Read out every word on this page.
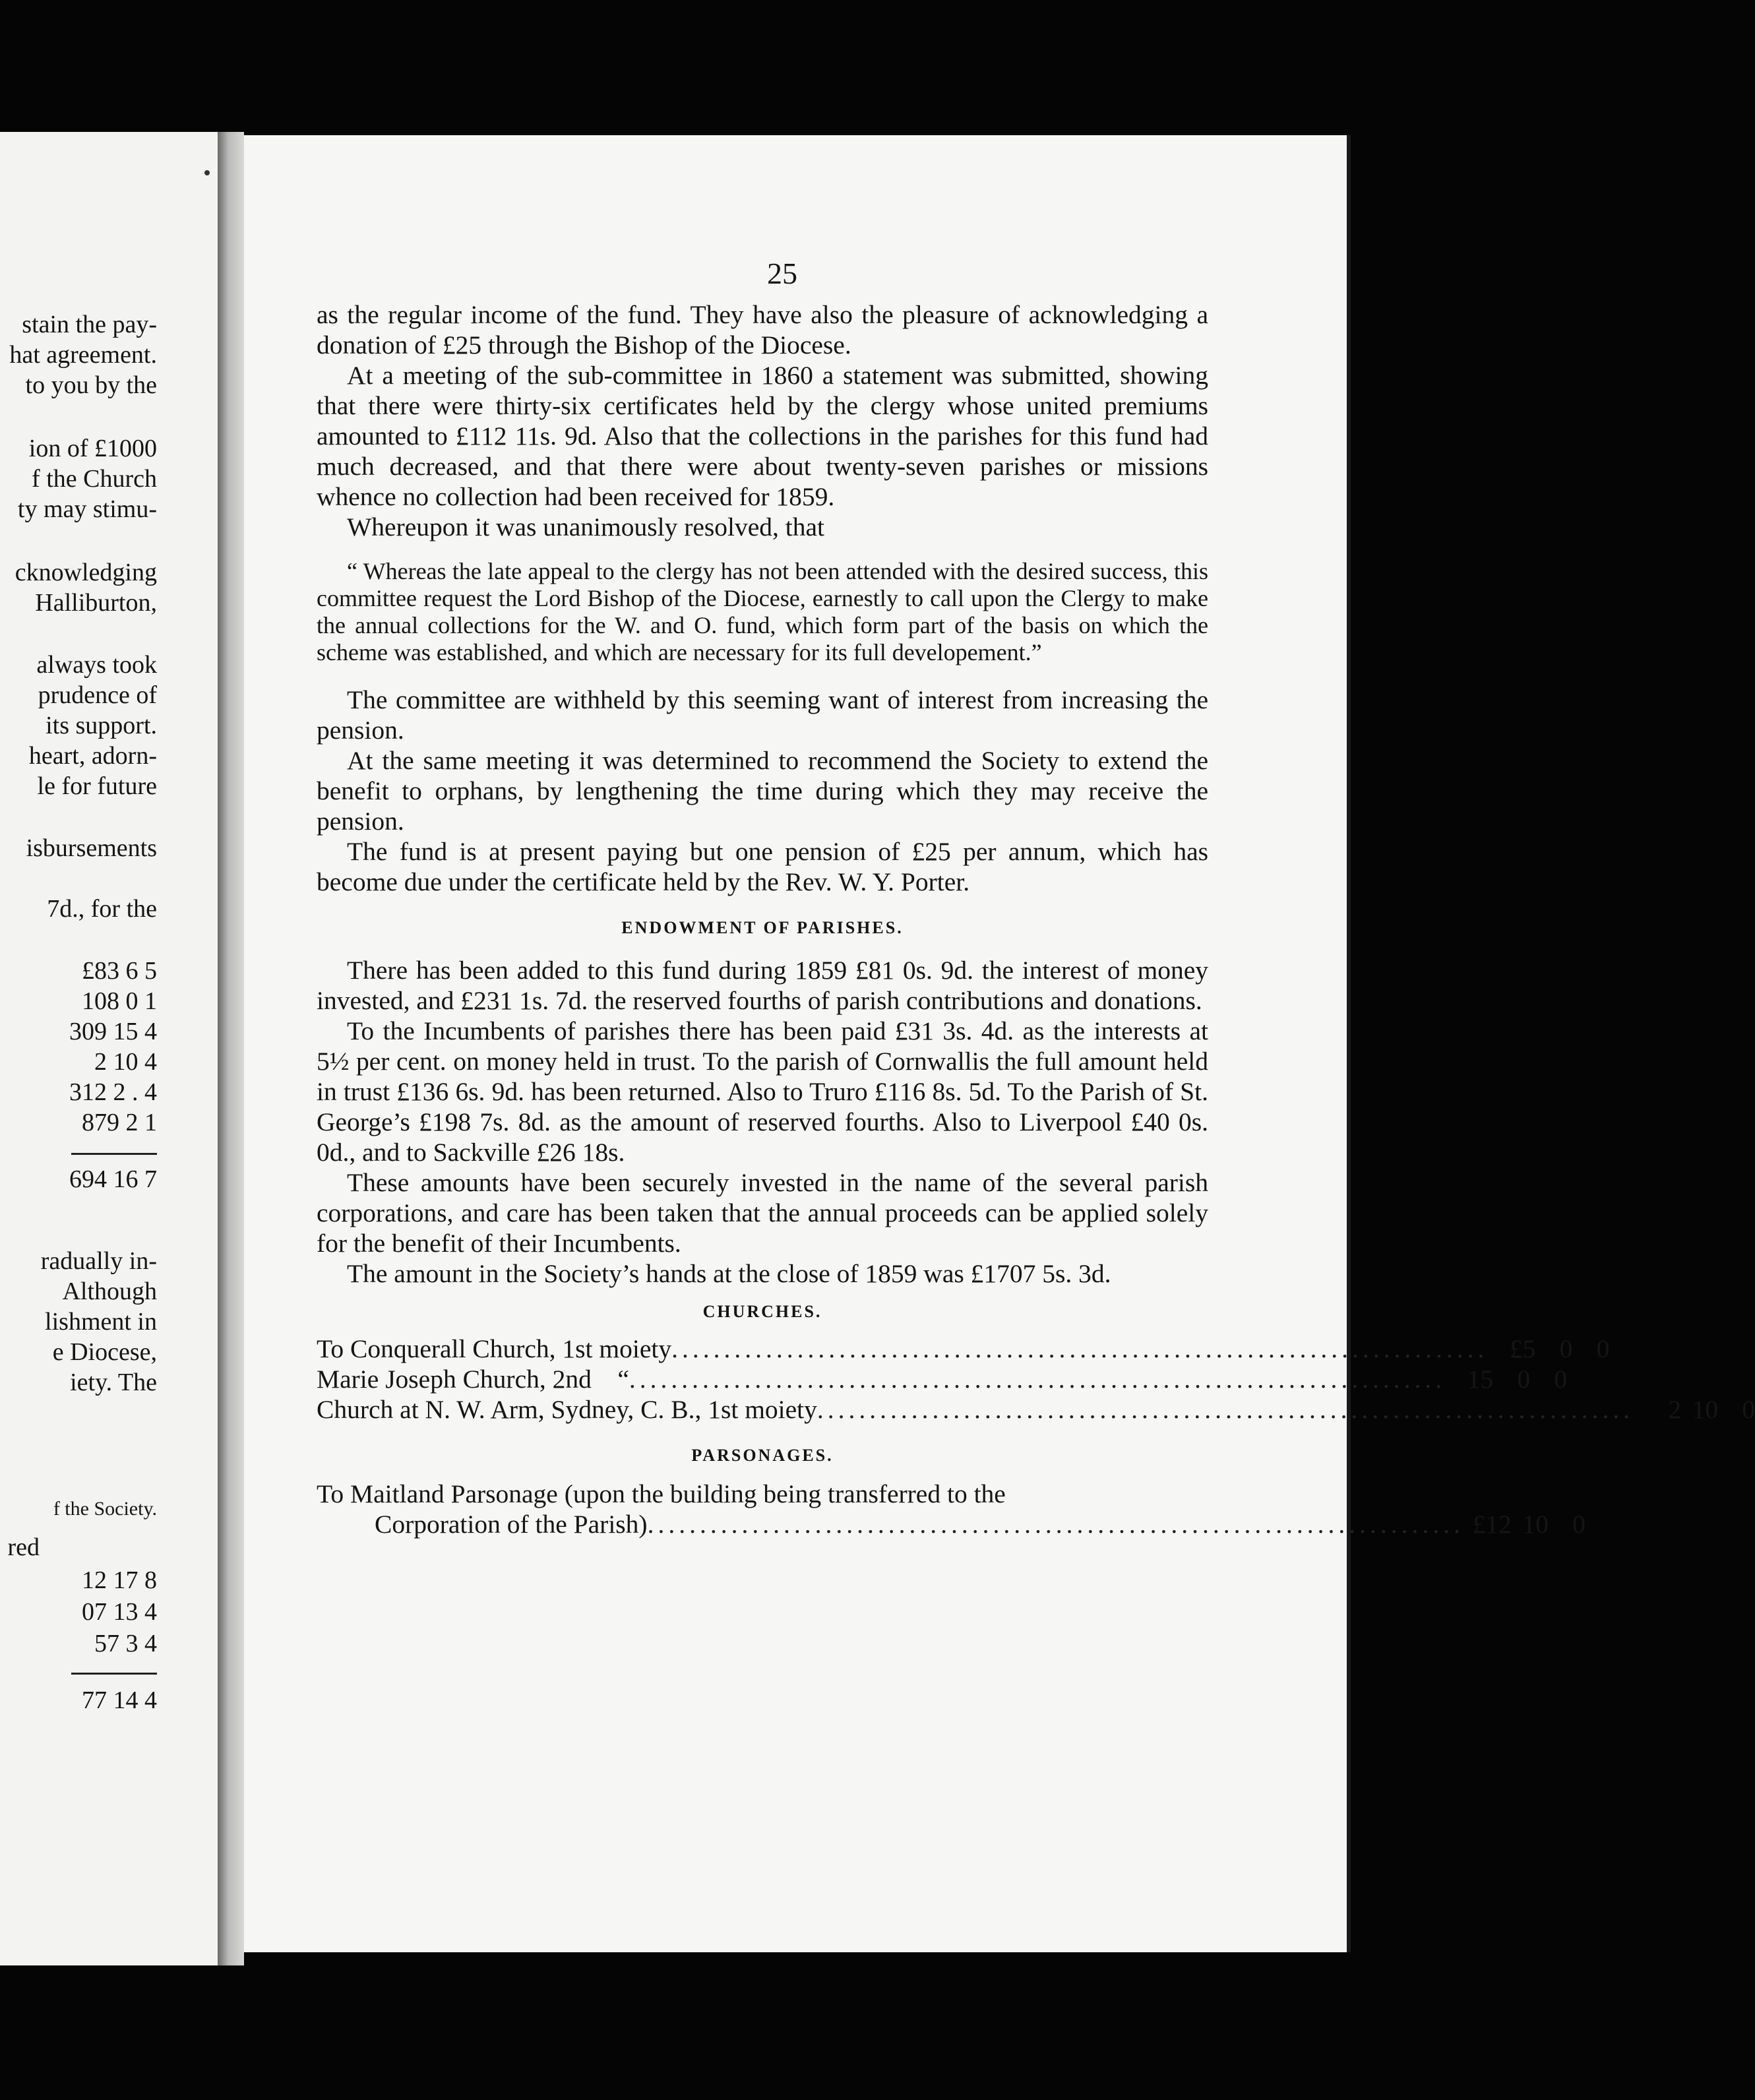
stain the pay-
hat agreement.
to you by the
ion of £1000
f the Church
ty may stimu-
cknowledging
Halliburton,
always took
prudence of
its support.
heart, adorn-
le for future
isbursements
7d., for the
£83 6 5
108 0 1
309 15 4
2 10 4
312 2 . 4
879 2 1
694 16 7
radually in-
Although
lishment in
e Diocese,
iety. The
f the Society.
red
12 17 8
07 13 4
57 3 4
77 14 4
25

as the regular income of the fund. They have also the pleasure of acknowledging a donation of £25 through the Bishop of the Diocese.

At a meeting of the sub-committee in 1860 a statement was submitted, showing that there were thirty-six certificates held by the clergy whose united premiums amounted to £112 11s. 9d. Also that the collections in the parishes for this fund had much decreased, and that there were about twenty-seven parishes or missions whence no collection had been received for 1859.

Whereupon it was unanimously resolved, that

“ Whereas the late appeal to the clergy has not been attended with the desired success, this committee request the Lord Bishop of the Diocese, earnestly to call upon the Clergy to make the annual collections for the W. and O. fund, which form part of the basis on which the scheme was established, and which are necessary for its full developement.”

The committee are withheld by this seeming want of interest from increasing the pension.

At the same meeting it was determined to recommend the Society to extend the benefit to orphans, by lengthening the time during which they may receive the pension.

The fund is at present paying but one pension of £25 per annum, which has become due under the certificate held by the Rev. W. Y. Porter.

ENDOWMENT OF PARISHES.

There has been added to this fund during 1859 £81 0s. 9d. the interest of money invested, and £231 1s. 7d. the reserved fourths of parish contributions and donations.

To the Incumbents of parishes there has been paid £31 3s. 4d. as the interests at 5½ per cent. on money held in trust. To the parish of Cornwallis the full amount held in trust £136 6s. 9d. has been returned. Also to Truro £116 8s. 5d. To the Parish of St. George’s £198 7s. 8d. as the amount of reserved fourths. Also to Liverpool £40 0s. 0d., and to Sackville £26 18s.

These amounts have been securely invested in the name of the several parish corporations, and care has been taken that the annual proceeds can be applied solely for the benefit of their Incumbents.

The amount in the Society’s hands at the close of 1859 was £1707 5s. 3d.

CHURCHES.
To Conquerall Church, 1st moiety .............................................................................. £5 0 0
Marie Joseph Church, 2nd    “ .............................................................................. 15 0 0
Church at N. W. Arm, Sydney, C. B., 1st moiety ..............................................................................	2 10 0
PARSONAGES.
To Maitland Parsonage (upon the building being transferred to the
Corporation of the Parish) .............................................................................. £12 10 0
